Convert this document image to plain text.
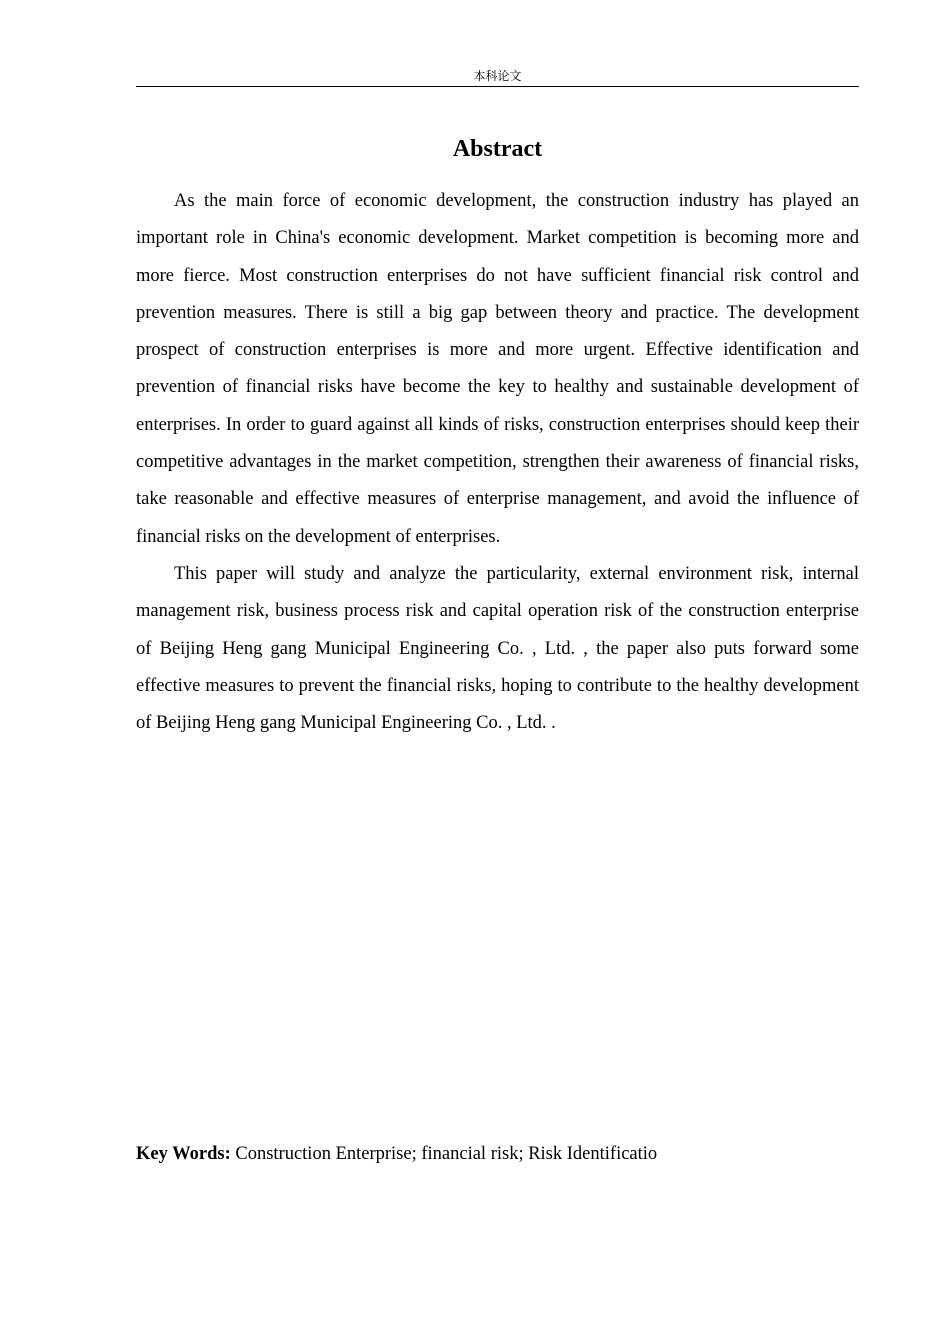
本科论文
Abstract

As the main force of economic development, the construction industry has played an important role in China's economic development. Market competition is becoming more and more fierce. Most construction enterprises do not have sufficient financial risk control and prevention measures. There is still a big gap between theory and practice. The development prospect of construction enterprises is more and more urgent. Effective identification and prevention of financial risks have become the key to healthy and sustainable development of enterprises. In order to guard against all kinds of risks, construction enterprises should keep their competitive advantages in the market competition, strengthen their awareness of financial risks, take reasonable and effective measures of enterprise management, and avoid the influence of financial risks on the development of enterprises.

This paper will study and analyze the particularity, external environment risk, internal management risk, business process risk and capital operation risk of the construction enterprise of Beijing Heng gang Municipal Engineering Co. , Ltd. , the paper also puts forward some effective measures to prevent the financial risks, hoping to contribute to the healthy development of Beijing Heng gang Municipal Engineering Co. , Ltd. .

Key Words: Construction Enterprise; financial risk; Risk Identificatio
